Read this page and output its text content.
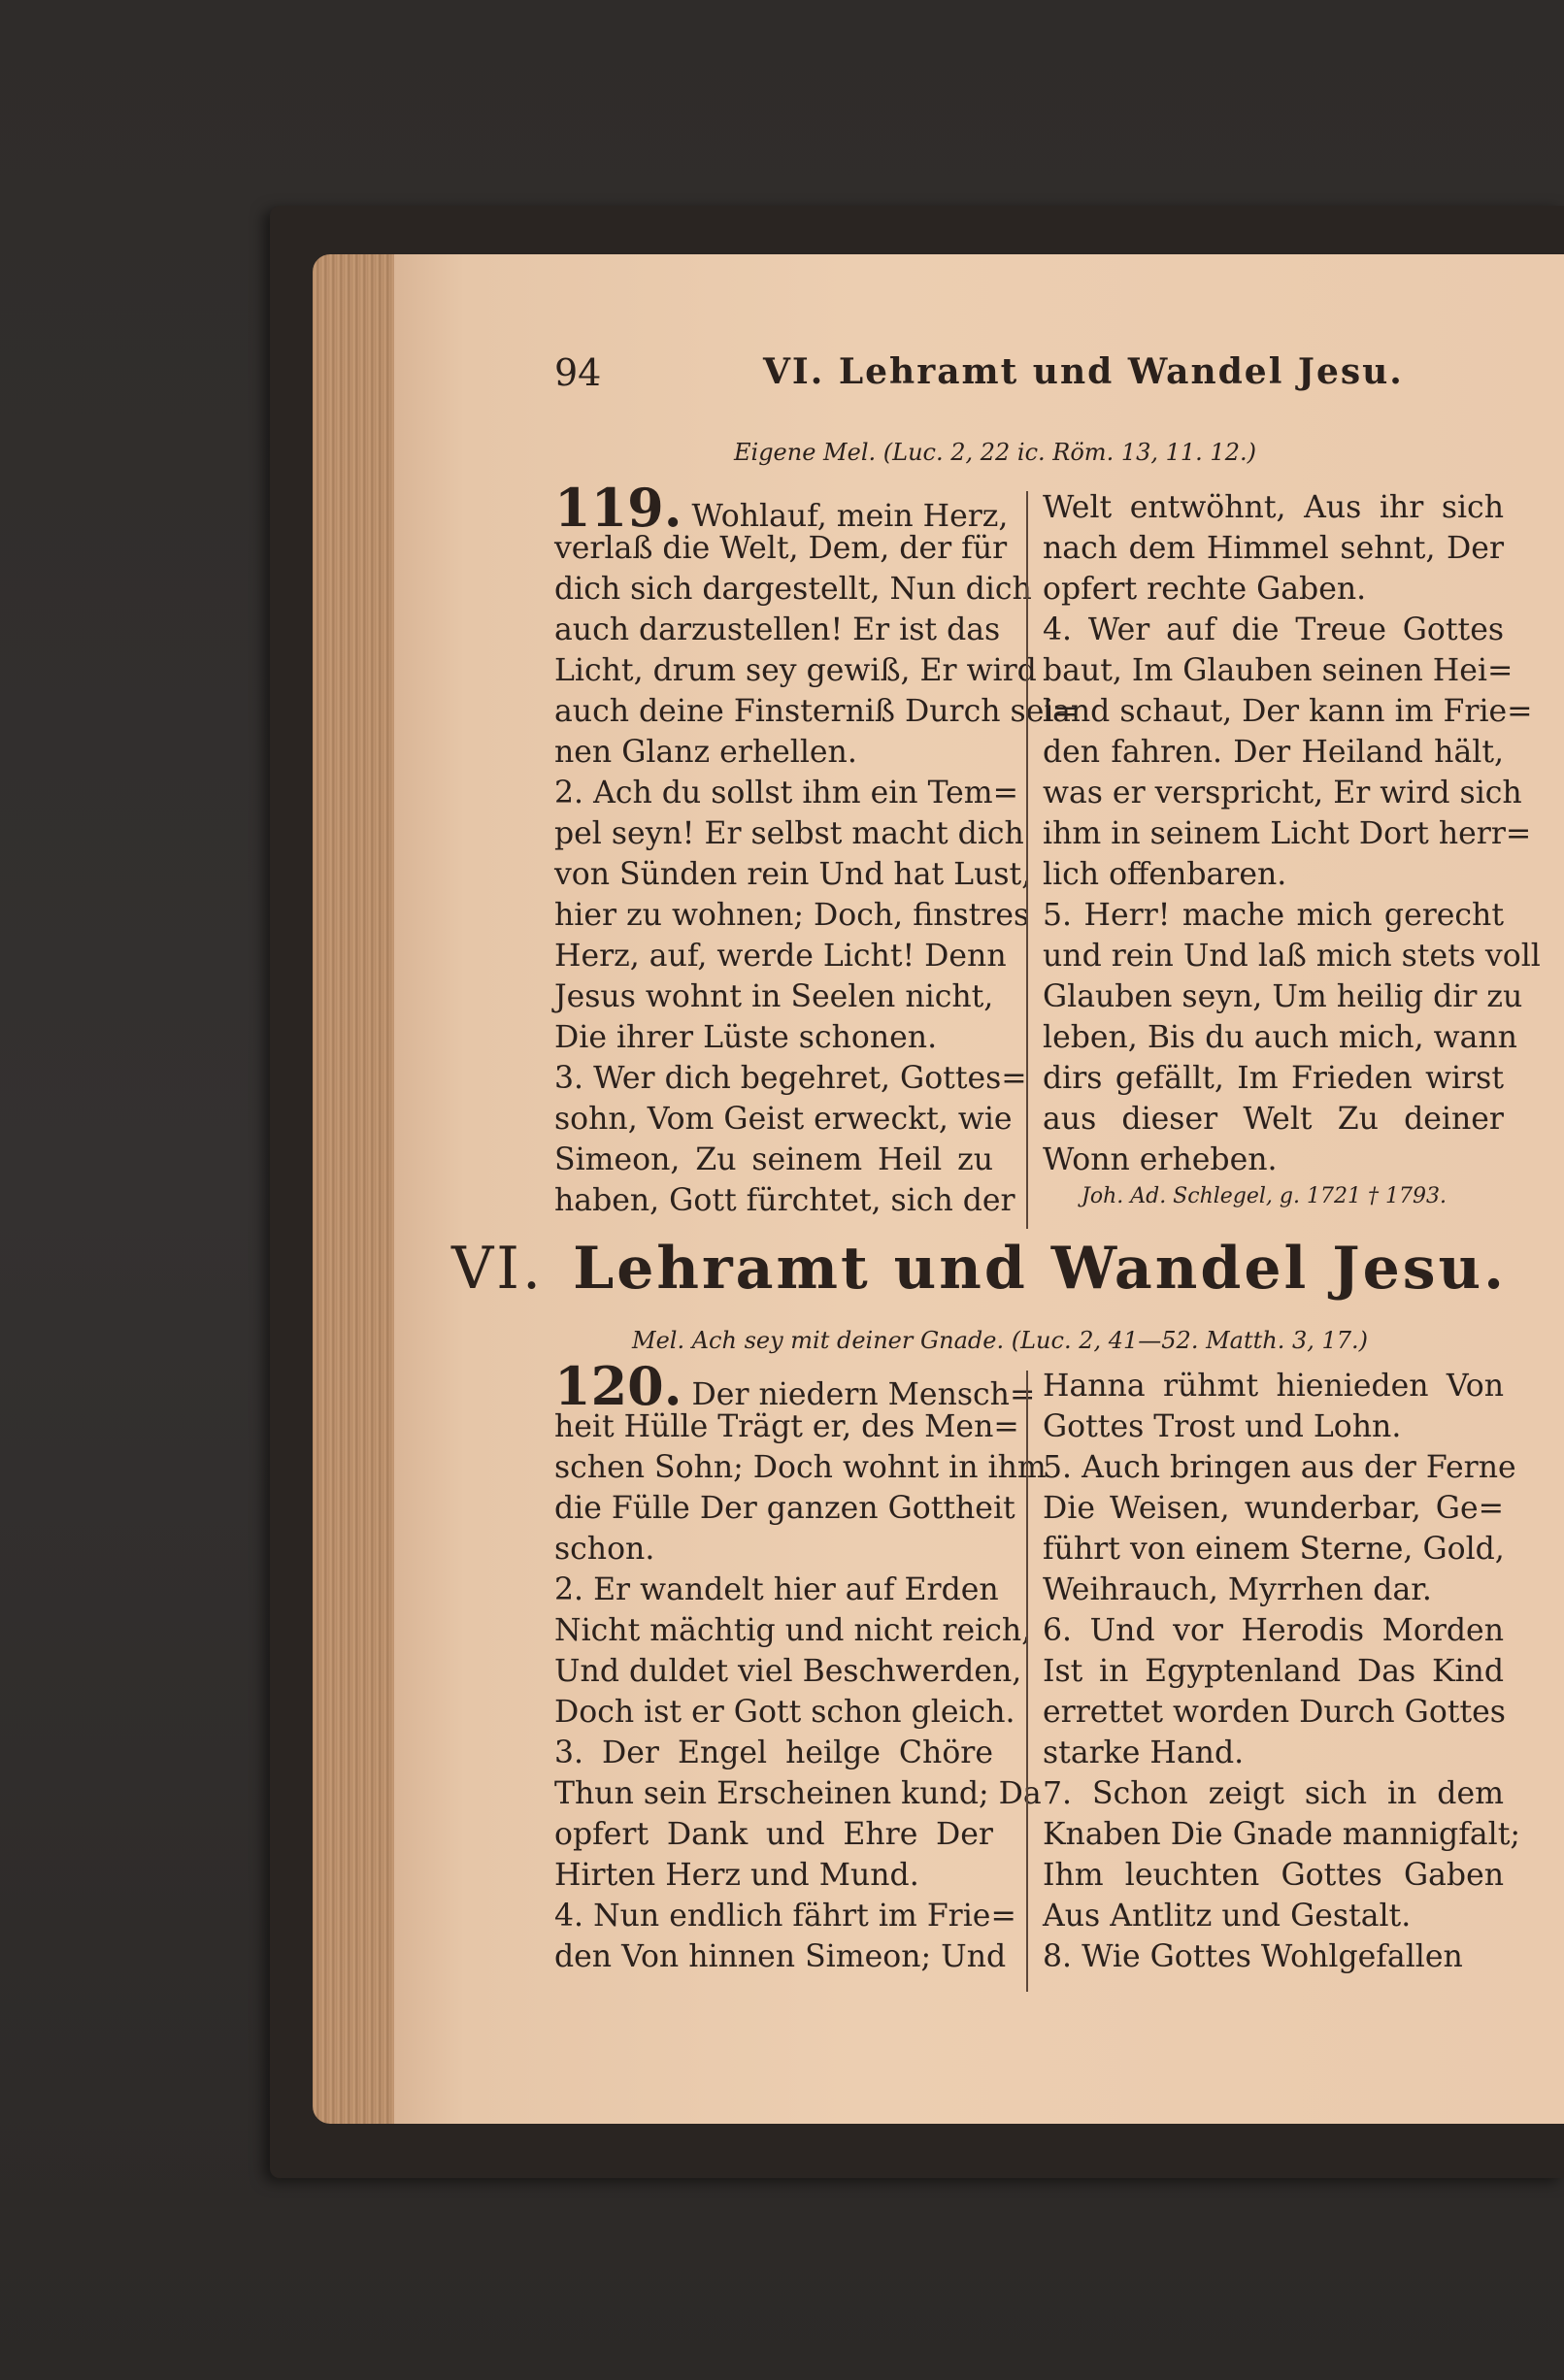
94	VI. Lehramt und Wandel Jesu.
Eigene Mel. (Luc. 2, 22 ic. Röm. 13, 11. 12.)

119. Wohlauf, mein Herz,

verlaß die Welt, Dem, der für

dich sich dargestellt, Nun dich

auch darzustellen! Er ist das

Licht, drum sey gewiß, Er wird

auch deine Finsterniß Durch sei=

nen Glanz erhellen.

2. Ach du sollst ihm ein Tem=

pel seyn! Er selbst macht dich

von Sünden rein Und hat Lust,

hier zu wohnen; Doch, finstres

Herz, auf, werde Licht! Denn

Jesus wohnt in Seelen nicht,

Die ihrer Lüste schonen.

3. Wer dich begehret, Gottes=

sohn, Vom Geist erweckt, wie

Simeon, Zu seinem Heil zu

haben, Gott fürchtet, sich der

Welt entwöhnt, Aus ihr sich

nach dem Himmel sehnt, Der

opfert rechte Gaben.

4. Wer auf die Treue Gottes

baut, Im Glauben seinen Hei=

land schaut, Der kann im Frie=

den fahren. Der Heiland hält,

was er verspricht, Er wird sich

ihm in seinem Licht Dort herr=

lich offenbaren.

5. Herr! mache mich gerecht

und rein Und laß mich stets voll

Glauben seyn, Um heilig dir zu

leben, Bis du auch mich, wann

dirs gefällt, Im Frieden wirst

aus dieser Welt Zu deiner

Wonn erheben.

Joh. Ad. Schlegel, g. 1721 † 1793.
VI. Lehramt und Wandel Jesu.
Mel. Ach sey mit deiner Gnade. (Luc. 2, 41—52. Matth. 3, 17.)

120. Der niedern Mensch=

heit Hülle Trägt er, des Men=

schen Sohn; Doch wohnt in ihm

die Fülle Der ganzen Gottheit

schon.

2. Er wandelt hier auf Erden

Nicht mächtig und nicht reich,

Und duldet viel Beschwerden,

Doch ist er Gott schon gleich.

3. Der Engel heilge Chöre

Thun sein Erscheinen kund; Da

opfert Dank und Ehre Der

Hirten Herz und Mund.

4. Nun endlich fährt im Frie=

den Von hinnen Simeon; Und

Hanna rühmt hienieden Von

Gottes Trost und Lohn.

5. Auch bringen aus der Ferne

Die Weisen, wunderbar, Ge=

führt von einem Sterne, Gold,

Weihrauch, Myrrhen dar.

6. Und vor Herodis Morden

Ist in Egyptenland Das Kind

errettet worden Durch Gottes

starke Hand.

7. Schon zeigt sich in dem

Knaben Die Gnade mannigfalt;

Ihm leuchten Gottes Gaben

Aus Antlitz und Gestalt.

8. Wie Gottes Wohlgefallen
